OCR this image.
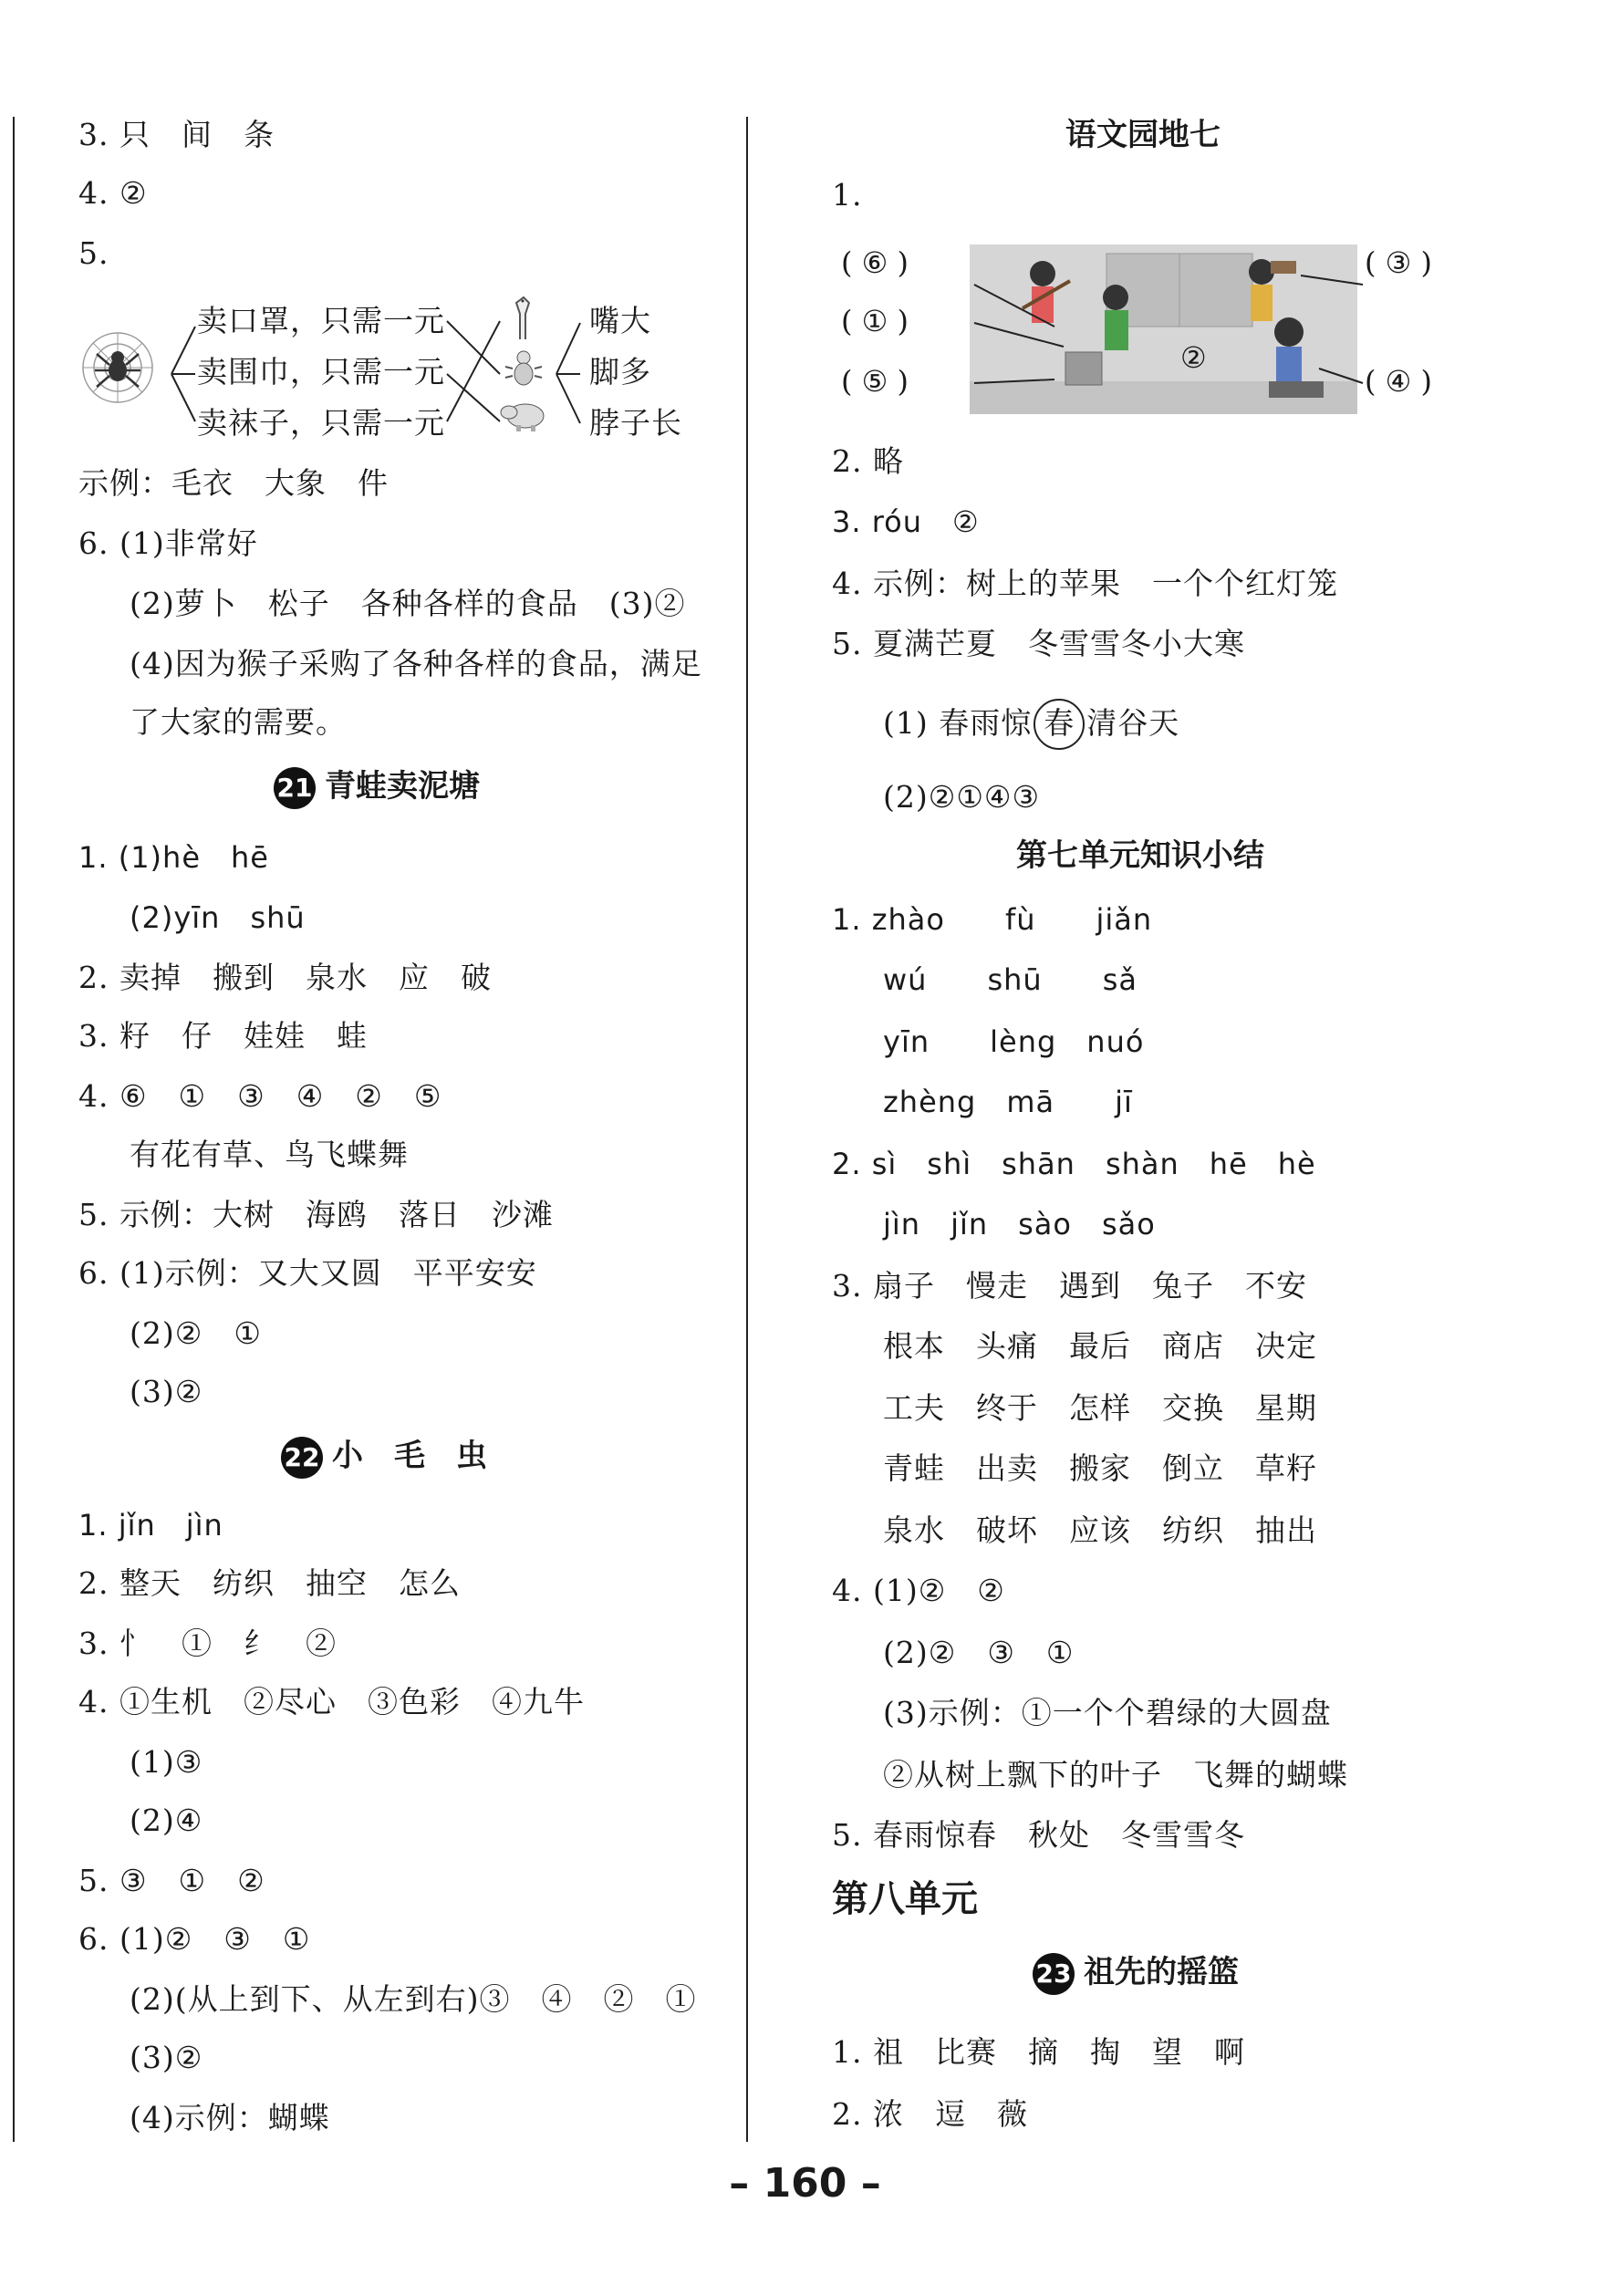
3. 只　间　条
4. ②
5.
卖口罩，只需一元
卖围巾，只需一元
卖袜子，只需一元
嘴大
脚多
脖子长
示例：毛衣　大象　件
6. (1)非常好
(2)萝卜　松子　各种各样的食品　(3)②
(4)因为猴子采购了各种各样的食品，满足
了大家的需要。
21 青蛙卖泥塘
1. (1)hè　hē
(2)yīn　shū
2. 卖掉　搬到　泉水　应　破
3. 籽　仔　娃娃　蛙
4. ⑥　①　③　④　②　⑤
有花有草、鸟飞蝶舞
5. 示例：大树　海鸥　落日　沙滩
6. (1)示例：又大又圆　平平安安
(2)②　①
(3)②
22 小　毛　虫
1. jǐn　jìn
2. 整天　纺织　抽空　怎么
3. 忄　①　纟　②
4. ①生机　②尽心　③色彩　④九牛
(1)③
(2)④
5. ③　①　②
6. (1)②　③　①
(2)(从上到下、从左到右)③　④　②　①
(3)②
(4)示例：蝴蝶
语文园地七
1.
( ⑥ )
( ① )
( ⑤ )
( ③ )
( ④ )
②
2. 略
3. róu　②
4. 示例：树上的苹果　一个个红灯笼
5. 夏满芒夏　冬雪雪冬小大寒
(1) 春雨惊 春 清谷天
(2)②①④③
第七单元知识小结
1. zhào　　fù　　jiǎn
wú　　shū　　sǎ
yīn　　lèng　nuó
zhèng　mā　　jī
2. sì　shì　shān　shàn　hē　hè
jìn　jǐn　sào　sǎo
3. 扇子　慢走　遇到　兔子　不安
根本　头痛　最后　商店　决定
工夫　终于　怎样　交换　星期
青蛙　出卖　搬家　倒立　草籽
泉水　破坏　应该　纺织　抽出
4. (1)②　②
(2)②　③　①
(3)示例：①一个个碧绿的大圆盘
②从树上飘下的叶子　飞舞的蝴蝶
5. 春雨惊春　秋处　冬雪雪冬
第八单元
23 祖先的摇篮
1. 祖　比赛　摘　掏　望　啊
2. 浓　逗　薇
– 160 –
